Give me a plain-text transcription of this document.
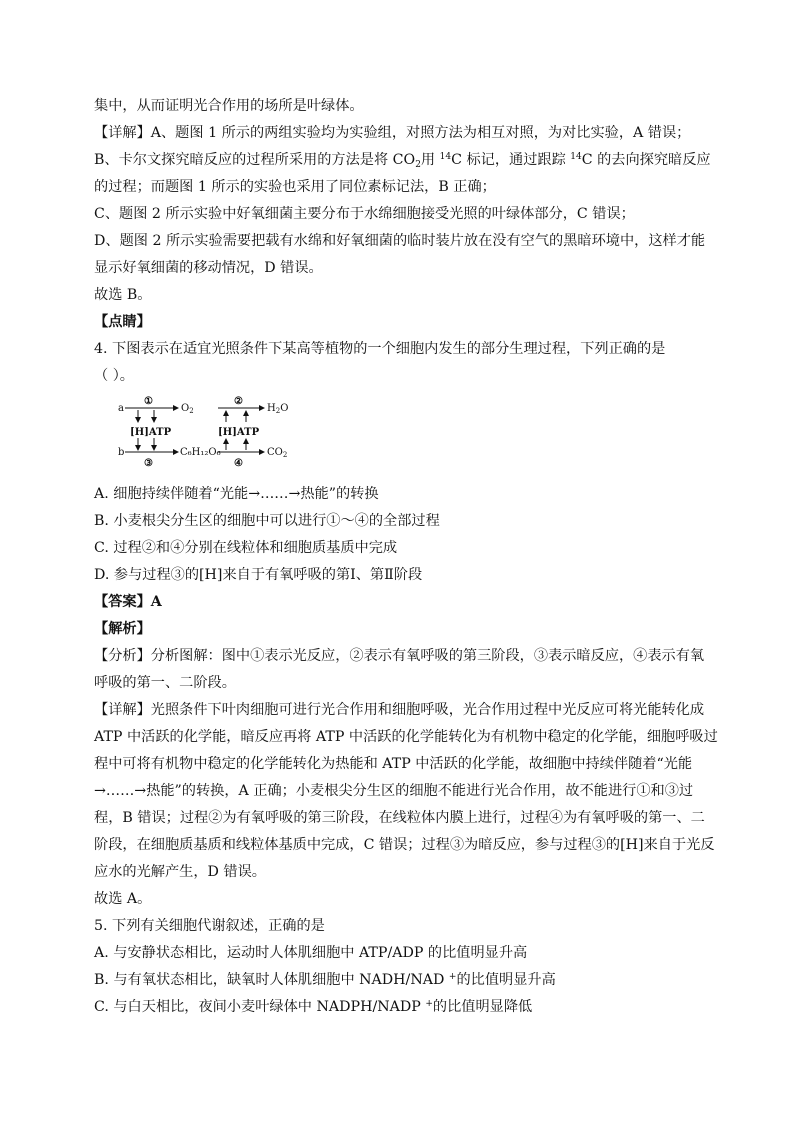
集中，从而证明光合作用的场所是叶绿体。
【详解】A、题图 1 所示的两组实验均为实验组，对照方法为相互对照，为对比实验，A 错误；
B、卡尔文探究暗反应的过程所采用的方法是将 $CO_2$用 $^{14}$C 标记，通过跟踪 $^{14}$C 的去向探究暗反应
的过程；而题图 1 所示的实验也采用了同位素标记法，B 正确；
C、题图 2 所示实验中好氧细菌主要分布于水绵细胞接受光照的叶绿体部分，C 错误；
D、题图 2 所示实验需要把载有水绵和好氧细菌的临时装片放在没有空气的黑暗环境中，这样才能
显示好氧细菌的移动情况，D 错误。
故选 B。
【点睛】
4. 下图表示在适宜光照条件下某高等植物的一个细胞内发生的部分生理过程，下列正确的是
（ ）。
a
①
$O_2$
[H]ATP
b
③
C₆H₁₂O₆
②
$H_2O$
[H]ATP
④
$CO_2$
A. 细胞持续伴随着“光能→……→热能”的转换
B. 小麦根尖分生区的细胞中可以进行①～④的全部过程
C. 过程②和④分别在线粒体和细胞质基质中完成
D. 参与过程③的[H]来自于有氧呼吸的第Ⅰ、第Ⅱ阶段
【答案】A
【解析】
【分析】分析图解：图中①表示光反应，②表示有氧呼吸的第三阶段，③表示暗反应，④表示有氧
呼吸的第一、二阶段。
【详解】光照条件下叶肉细胞可进行光合作用和细胞呼吸，光合作用过程中光反应可将光能转化成
ATP 中活跃的化学能，暗反应再将 ATP 中活跃的化学能转化为有机物中稳定的化学能，细胞呼吸过
程中可将有机物中稳定的化学能转化为热能和 ATP 中活跃的化学能，故细胞中持续伴随着“光能
→……→热能”的转换，A 正确；小麦根尖分生区的细胞不能进行光合作用，故不能进行①和③过
程，B 错误；过程②为有氧呼吸的第三阶段，在线粒体内膜上进行，过程④为有氧呼吸的第一、二
阶段，在细胞质基质和线粒体基质中完成，C 错误；过程③为暗反应，参与过程③的[H]来自于光反
应水的光解产生，D 错误。
故选 A。
5. 下列有关细胞代谢叙述，正确的是
A. 与安静状态相比，运动时人体肌细胞中 ATP/ADP 的比值明显升高
B. 与有氧状态相比，缺氧时人体肌细胞中 NADH/NAD +的比值明显升高
C. 与白天相比，夜间小麦叶绿体中 NADPH/NADP +的比值明显降低
